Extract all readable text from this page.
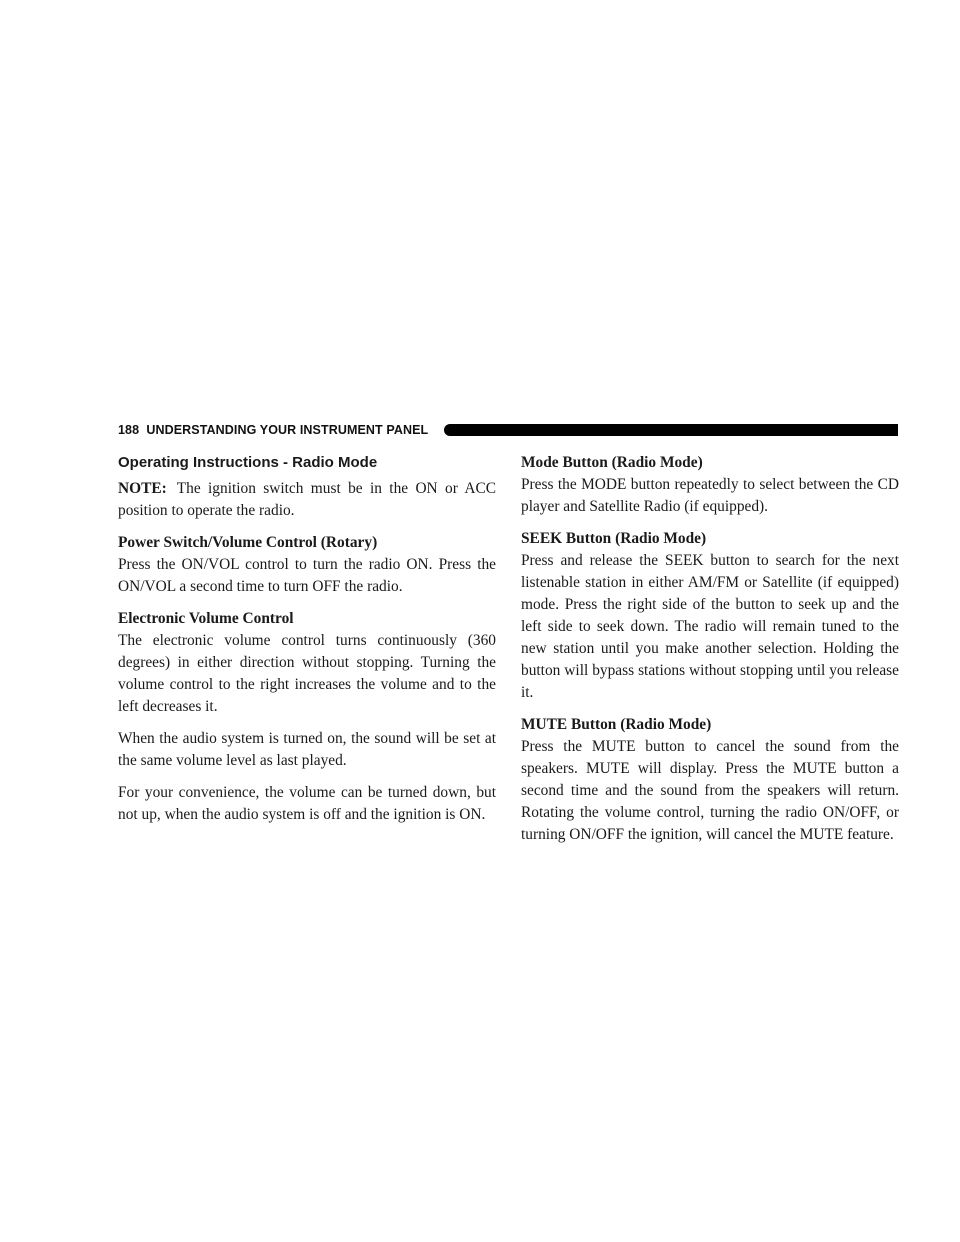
188 UNDERSTANDING YOUR INSTRUMENT PANEL
Operating Instructions - Radio Mode

NOTE: The ignition switch must be in the ON or ACC position to operate the radio.

Power Switch/Volume Control (Rotary)
Press the ON/VOL control to turn the radio ON. Press the ON/VOL a second time to turn OFF the radio.

Electronic Volume Control
The electronic volume control turns continuously (360 degrees) in either direction without stopping. Turning the volume control to the right increases the volume and to the left decreases it.

When the audio system is turned on, the sound will be set at the same volume level as last played.

For your convenience, the volume can be turned down, but not up, when the audio system is off and the ignition is ON.

Mode Button (Radio Mode)
Press the MODE button repeatedly to select between the CD player and Satellite Radio (if equipped).

SEEK Button (Radio Mode)
Press and release the SEEK button to search for the next listenable station in either AM/FM or Satellite (if equipped) mode. Press the right side of the button to seek up and the left side to seek down. The radio will remain tuned to the new station until you make another selection. Holding the button will bypass stations without stopping until you release it.

MUTE Button (Radio Mode)
Press the MUTE button to cancel the sound from the speakers. MUTE will display. Press the MUTE button a second time and the sound from the speakers will return. Rotating the volume control, turning the radio ON/OFF, or turning ON/OFF the ignition, will cancel the MUTE feature.
